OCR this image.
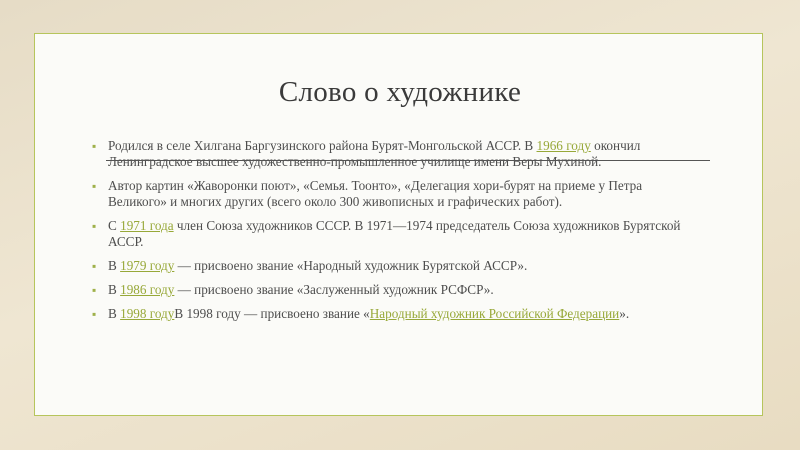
Слово о художнике
▪ Родился в селе Хилгана Баргузинского района Бурят-Монгольской АССР. В 1966 году окончил Ленинградское высшее художественно-промышленное училище имени Веры Мухиной.
▪ Автор картин «Жаворонки поют», «Семья. Тоонто», «Делегация хори-бурят на приеме у Петра Великого» и многих других (всего около 300 живописных и графических работ).
▪ С 1971 года член Союза художников СССР. В 1971—1974 председатель Союза художников Бурятской АССР.
▪ В 1979 году — присвоено звание «Народный художник Бурятской АССР».
▪ В 1986 году — присвоено звание «Заслуженный художник РСФСР».
▪ В 1998 годуВ 1998 году — присвоено звание «Народный художник Российской Федерации».
